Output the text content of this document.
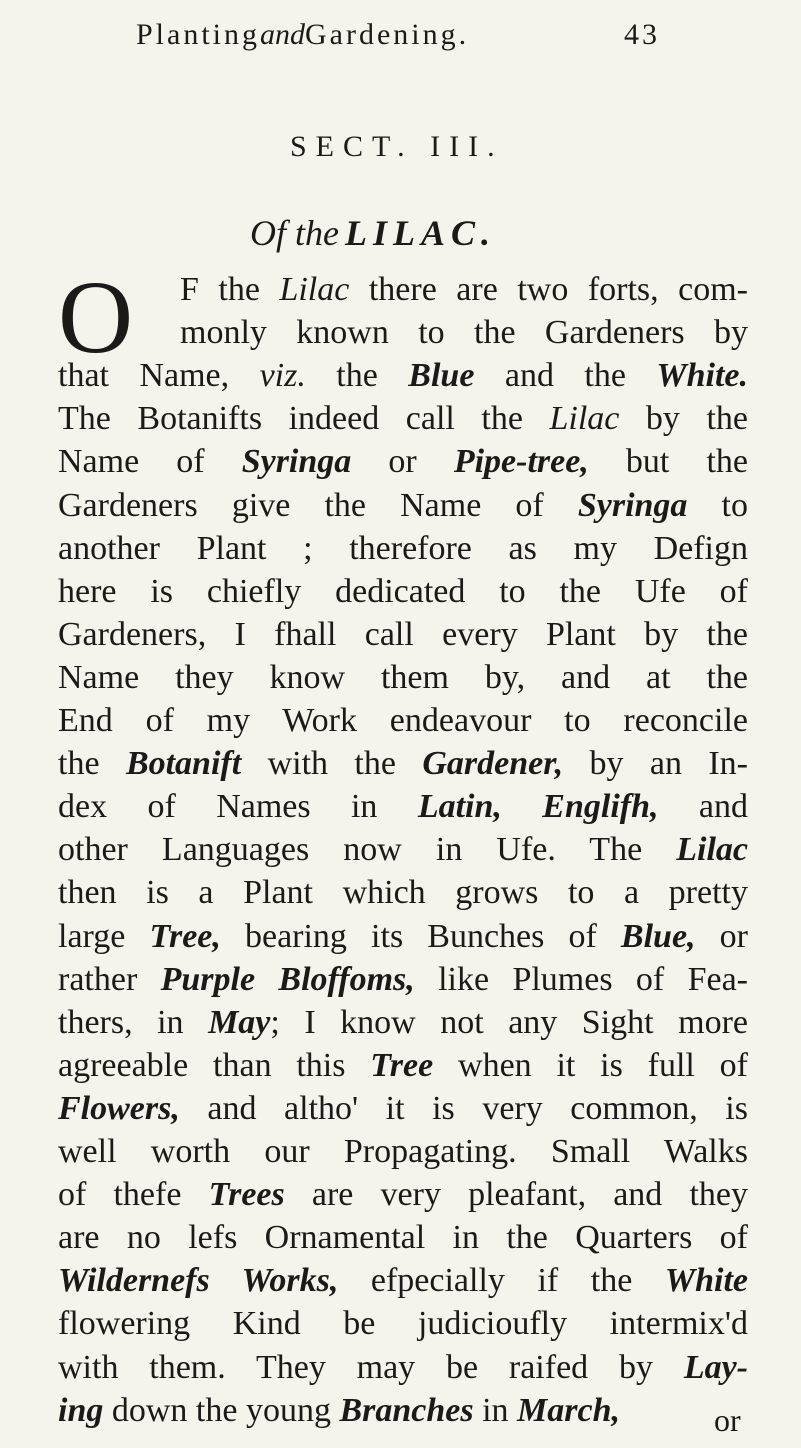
PlantingandGardening.	43
SECT. III.
Of the LILAC.
O F the Lilac there are two forts, com-
monly known to the Gardeners by
that Name, viz. the Blue and the White.
The Botanifts indeed call the Lilac by the
Name of Syringa or Pipe-tree, but the
Gardeners give the Name of Syringa to
another Plant ; therefore as my Defign
here is chiefly dedicated to the Ufe of
Gardeners, I fhall call every Plant by the
Name they know them by, and at the
End of my Work endeavour to reconcile
the Botanift with the Gardener, by an In-
dex of Names in Latin, Englifh, and
other Languages now in Ufe. The Lilac
then is a Plant which grows to a pretty
large Tree, bearing its Bunches of Blue, or
rather Purple Bloffoms, like Plumes of Fea-
thers, in May; I know not any Sight more
agreeable than this Tree when it is full of
Flowers, and altho' it is very common, is
well worth our Propagating. Small Walks
of thefe Trees are very pleafant, and they
are no lefs Ornamental in the Quarters of
Wildernefs Works, efpecially if the White
flowering Kind be judicioufly intermix'd
with them. They may be raifed by Lay-
ing down the young Branches in March,	or
